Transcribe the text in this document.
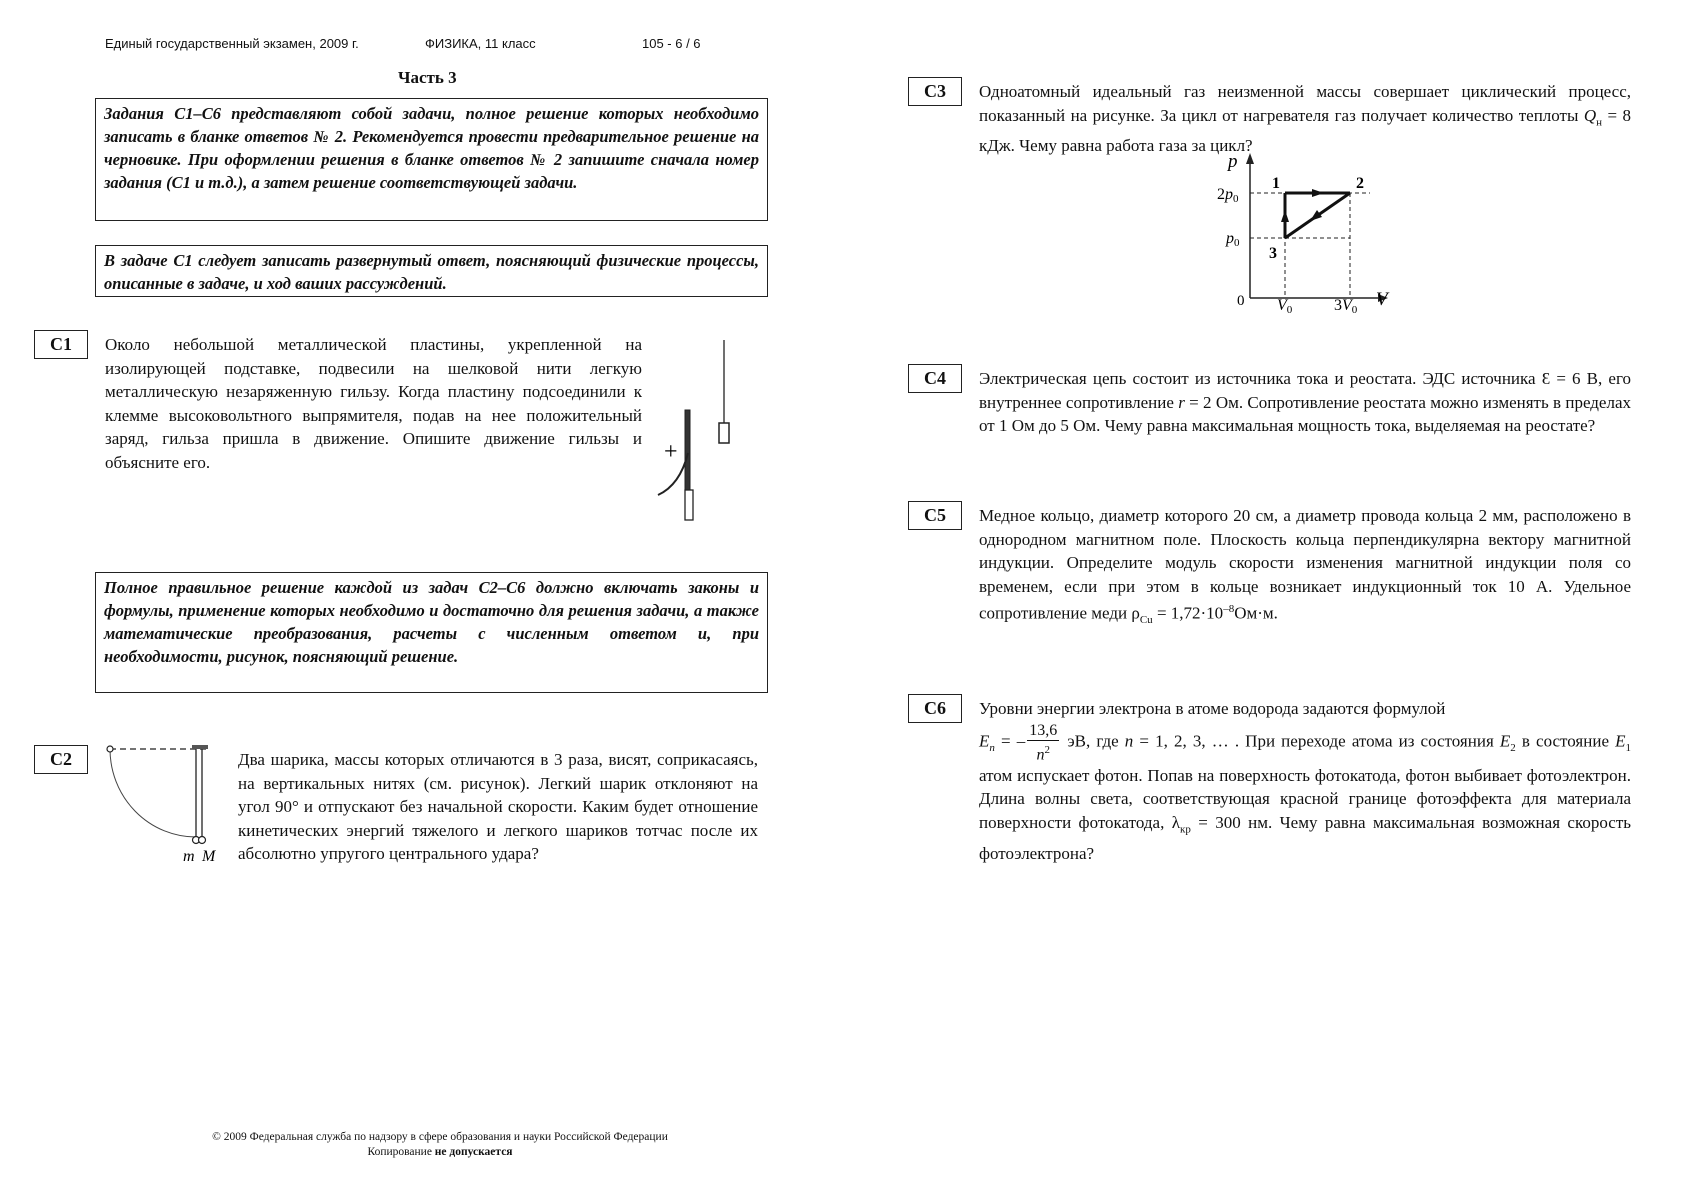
Единый государственный экзамен, 2009 г.	ФИЗИКА, 11 класс	105 - 6 / 6
Часть 3
Задания С1–С6 представляют собой задачи, полное решение которых необходимо записать в бланке ответов № 2. Рекомендуется провести предварительное решение на черновике. При оформлении решения в бланке ответов № 2 запишите сначала номер задания (С1 и т.д.), а затем решение соответствующей задачи.
В задаче С1 следует записать развернутый ответ, поясняющий физические процессы, описанные в задаче, и ход ваших рассуждений.
С1	Около небольшой металлической пластины, укрепленной на изолирующей подставке, подвесили на шелковой нити легкую металлическую незаряженную гильзу. Когда пластину подсоединили к клемме высоковольтного выпрямителя, подав на нее положительный заряд, гильза пришла в движение. Опишите движение гильзы и объясните его.	+
Полное правильное решение каждой из задач С2–С6 должно включать законы и формулы, применение которых необходимо и достаточно для решения задачи, а также математические преобразования, расчеты с численным ответом и, при необходимости, рисунок, поясняющий решение.
С2
m M
Два шарика, массы которых отличаются в 3 раза, висят, соприкасаясь, на вертикальных нитях (см. рисунок). Легкий шарик отклоняют на угол 90° и отпускают без начальной скорости. Каким будет отношение кинетических энергий тяжелого и легкого шариков тотчас после их абсолютно упругого центрального удара?
С3	Одноатомный идеальный газ неизменной массы совершает циклический процесс, показанный на рисунке. За цикл от нагревателя газ получает количество теплоты $Q_н = 8$ кДж. Чему равна работа газа за цикл?
p
V
0
2p0
p0
V0	3V0
1	2
3
С4	Электрическая цепь состоит из источника тока и реостата. ЭДС источника Ɛ = 6 В, его внутреннее сопротивление r = 2 Ом. Сопротивление реостата можно изменять в пределах от 1 Ом до 5 Ом. Чему равна максимальная мощность тока, выделяемая на реостате?
С5	Медное кольцо, диаметр которого 20 см, а диаметр провода кольца 2 мм, расположено в однородном магнитном поле. Плоскость кольца перпендикулярна вектору магнитной индукции. Определите модуль скорости изменения магнитной индукции поля со временем, если при этом в кольце возникает индукционный ток 10 А. Удельное сопротивление меди $\rho_{Cu} = 1,72\cdot 10^{-8}Ом\cdot м$.
С6	Уровни энергии электрона в атоме водорода задаются формулой
$E_n$ = – $\frac{13,6}{n^2}$ эВ, где n = 1, 2, 3, … . При переходе атома из состояния $E_2$ в состояние $E_1$ атом испускает фотон. Попав на поверхность фотокатода, фотон выбивает фотоэлектрон. Длина волны света, соответствующая красной границе фотоэффекта для материала поверхности фотокатода, $\lambda_{кр} = 300$ нм. Чему равна максимальная возможная скорость фотоэлектрона?
© 2009 Федеральная служба по надзору в сфере образования и науки Российской Федерации
Копирование не допускается
